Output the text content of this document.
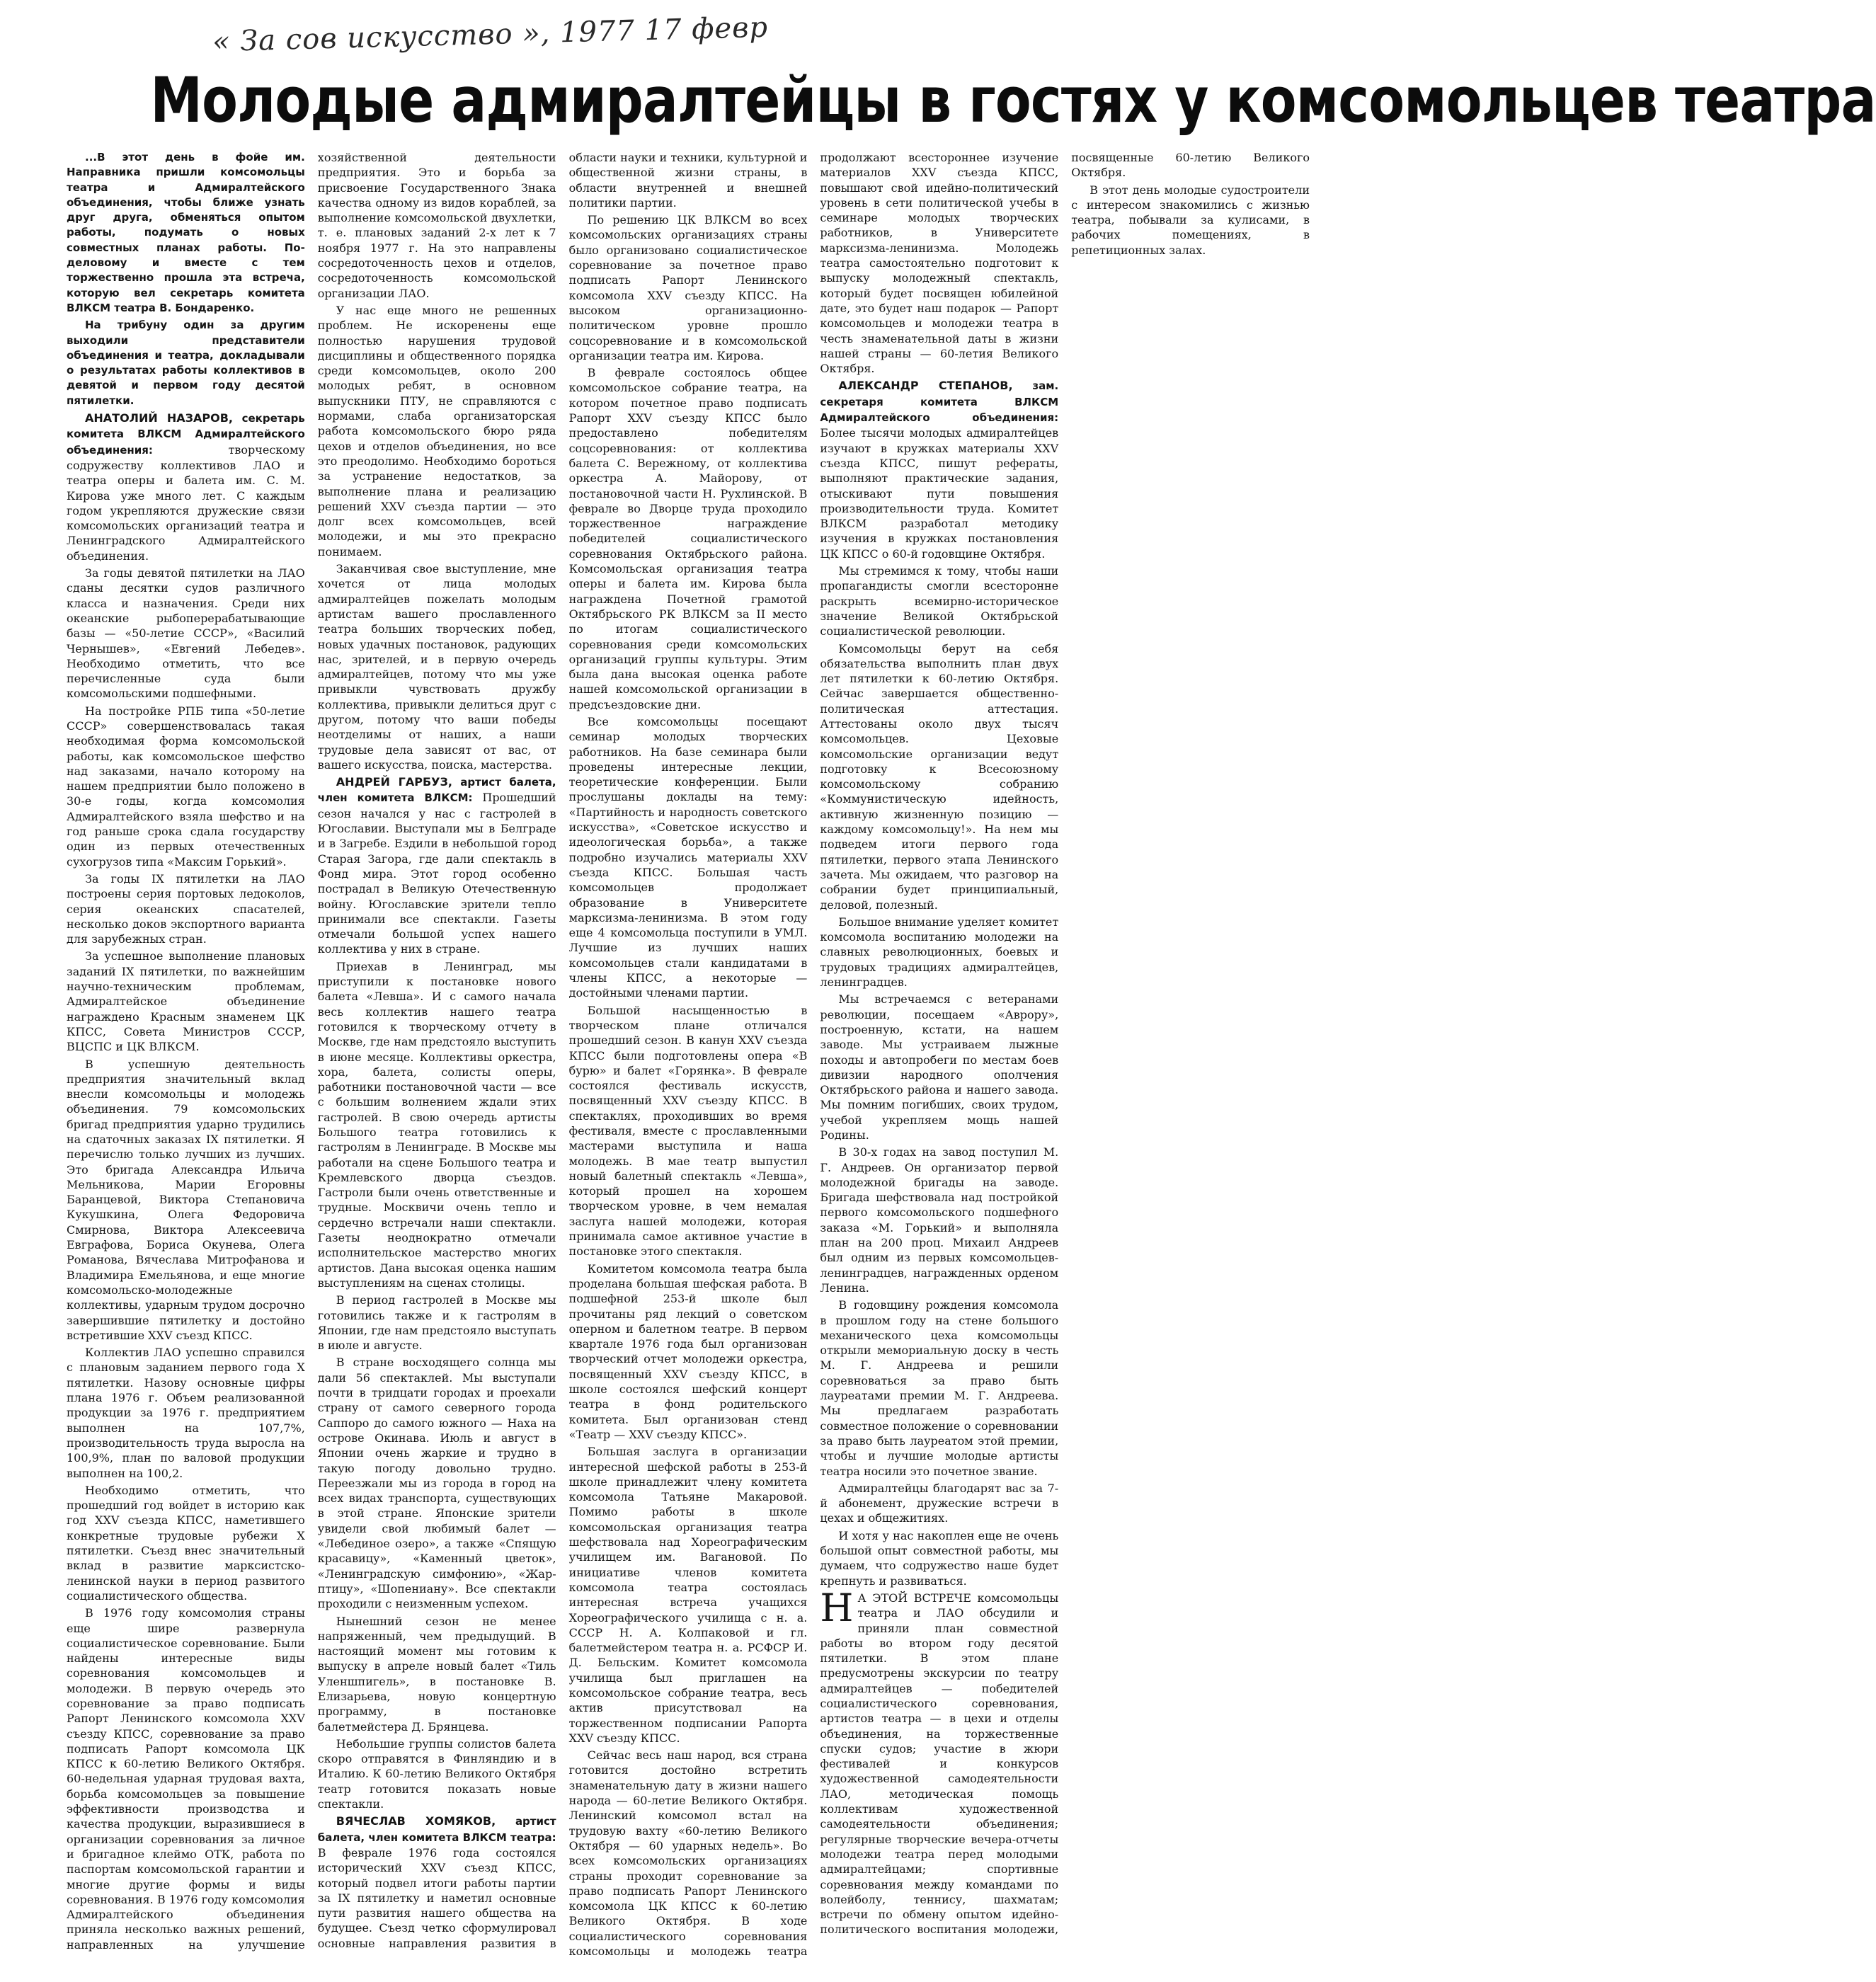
« За сов искусство », 1977 17 февр
Молодые адмиралтейцы в гостях у комсомольцев театра

...В этот день в фойе им. Направника пришли комсомольцы театра и Адмиралтейского объединения, чтобы ближе узнать друг друга, обменяться опытом работы, подумать о новых совместных планах работы. По-деловому и вместе с тем торжественно прошла эта встреча, которую вел секретарь комитета ВЛКСМ театра В. Бондаренко.

На трибуну один за другим выходили представители объединения и театра, докладывали о результатах работы коллективов в девятой и первом году десятой пятилетки.

АНАТОЛИЙ НАЗАРОВ, секретарь комитета ВЛКСМ Адмиралтейского объединения:	творческому содружеству коллективов ЛАО и театра оперы и балета им. С. М. Кирова уже много лет. С каждым годом укрепляются дружеские связи комсомольских организаций театра и Ленинградского Адмиралтейского объединения.

За годы девятой пятилетки на ЛАО сданы десятки судов различного класса и назначения. Среди них океанские рыбоперерабатывающие базы — «50-летие СССР», «Василий Чернышев», «Евгений Лебедев». Необходимо отметить, что все перечисленные суда были комсомольскими подшефными.

На постройке РПБ типа «50-летие СССР» совершенствовалась такая необходимая форма комсомольской работы, как комсомольское шефство над заказами, начало которому на нашем предприятии было положено в 30-е годы, когда комсомолия Адмиралтейского взяла шефство и на год раньше срока сдала государству один из первых отечественных сухогрузов типа «Максим Горький».

За годы IX пятилетки на ЛАО построены серия портовых ледоколов, серия океанских спасателей, несколько доков экспортного варианта для зарубежных стран.

За успешное выполнение плановых заданий IX пятилетки, по важнейшим научно-техническим проблемам, Адмиралтейское объединение награждено Красным знаменем ЦК КПСС, Совета Министров СССР, ВЦСПС и ЦК ВЛКСМ.

В успешную деятельность предприятия значительный вклад внесли комсомольцы и молодежь объединения. 79 комсомольских бригад предприятия ударно трудились на сдаточных заказах IX пятилетки. Я перечислю только лучших из лучших. Это бригада Александра Ильича Мельникова, Марии Егоровны Баранцевой, Виктора Степановича Кукушкина, Олега Федоровича Смирнова, Виктора Алексеевича Евграфова, Бориса Окунева, Олега Романова, Вячеслава Митрофанова и Владимира Емельянова, и еще многие комсомольско-молодежные коллективы, ударным трудом досрочно завершившие пятилетку и достойно встретившие XXV съезд КПСС.

Коллектив ЛАО успешно справился с плановым заданием первого года X пятилетки. Назову основные цифры плана 1976 г. Объем реализованной продукции за 1976 г. предприятием выполнен на 107,7%, производительность труда выросла на 100,9%, план по валовой продукции выполнен на 100,2.

Необходимо отметить, что прошедший год войдет в историю как год XXV съезда КПСС, наметившего конкретные трудовые рубежи X пятилетки. Съезд внес значительный вклад в развитие марксистско-ленинской науки в период развитого социалистического общества.

В 1976 году комсомолия страны еще шире развернула социалистическое соревнование. Были найдены интересные виды соревнования комсомольцев и молодежи. В первую очередь это соревнование за право подписать Рапорт Ленинского комсомола XXV съезду КПСС, соревнование за право подписать Рапорт комсомола ЦК КПСС к 60-летию Великого Октября. 60-недельная ударная трудовая вахта, борьба комсомольцев за повышение эффективности производства и качества продукции, выразившиеся в организации соревнования за личное и бригадное клеймо ОТК, работа по паспортам комсомольской гарантии и многие другие формы и виды соревнования. В 1976 году комсомолия Адмиралтейского объединения приняла несколько важных решений, направленных на улучшение хозяйственной деятельности предприятия. Это и борьба за присвоение Государственного Знака качества одному из видов кораблей, за выполнение комсомольской двухлетки, т. е. плановых заданий 2-х лет к 7 ноября 1977 г. На это направлены сосредоточенность цехов и отделов, сосредоточенность комсомольской организации ЛАО.

У нас еще много не решенных проблем. Не искоренены еще полностью нарушения трудовой дисциплины и общественного порядка среди комсомольцев, около 200 молодых ребят, в основном выпускники ПТУ, не справляются с нормами, слаба организаторская работа комсомольского бюро ряда цехов и отделов объединения, но все это преодолимо. Необходимо бороться за устранение недостатков, за выполнение плана и реализацию решений XXV съезда партии — это долг всех комсомольцев, всей молодежи, и мы это прекрасно понимаем.

Заканчивая свое выступление, мне хочется от лица молодых адмиралтейцев пожелать молодым артистам вашего прославленного театра больших творческих побед, новых удачных постановок, радующих нас, зрителей, и в первую очередь адмиралтейцев, потому что мы уже привыкли чувствовать дружбу коллектива, привыкли делиться друг с другом, потому что ваши победы неотделимы от наших, а наши трудовые дела зависят от вас, от вашего искусства, поиска, мастерства.

АНДРЕЙ ГАРБУЗ, артист балета, член комитета ВЛКСМ: Прошедший сезон начался у нас с гастролей в Югославии. Выступали мы в Белграде и в Загребе. Ездили в небольшой город Старая Загора, где дали спектакль в Фонд мира. Этот город особенно пострадал в Великую Отечественную войну. Югославские зрители тепло принимали все спектакли. Газеты отмечали большой успех нашего коллектива у них в стране.

Приехав в Ленинград, мы приступили к постановке нового балета «Левша». И с самого начала весь коллектив нашего театра готовился к творческому отчету в Москве, где нам предстояло выступить в июне месяце. Коллективы оркестра, хора, балета, солисты оперы, работники постановочной части — все с большим волнением ждали этих гастролей. В свою очередь артисты Большого театра готовились к гастролям в Ленинграде. В Москве мы работали на сцене Большого театра и Кремлевского дворца съездов. Гастроли были очень ответственные и трудные. Москвичи очень тепло и сердечно встречали наши спектакли. Газеты неоднократно отмечали исполнительское мастерство многих артистов. Дана высокая оценка нашим выступлениям на сценах столицы.

В период гастролей в Москве мы готовились также и к гастролям в Японии, где нам предстояло выступать в июле и августе.

В стране восходящего солнца мы дали 56 спектаклей. Мы выступали почти в тридцати городах и проехали страну от самого северного города Саппоро до самого южного — Наха на острове Окинава. Июль и август в Японии очень жаркие и трудно в такую погоду довольно трудно. Переезжали мы из города в город на всех видах транспорта, существующих в этой стране. Японские зрители увидели свой любимый балет — «Лебединое озеро», а также «Спящую красавицу», «Каменный цветок», «Ленинградскую симфонию», «Жар-птицу», «Шопениану». Все спектакли проходили с неизменным успехом.

Нынешний сезон не менее напряженный, чем предыдущий. В настоящий момент мы готовим к выпуску в апреле новый балет «Тиль Уленшпигель», в постановке В. Елизарьева, новую концертную программу, в постановке балетмейстера Д. Брянцева.

Небольшие группы солистов балета скоро отправятся в Финляндию и в Италию. К 60-летию Великого Октября театр готовится показать новые спектакли.

ВЯЧЕСЛАВ ХОМЯКОВ, артист балета, член комитета ВЛКСМ театра: В феврале 1976 года состоялся исторический XXV съезд КПСС, который подвел итоги работы партии за IX пятилетку и наметил основные пути развития нашего общества на будущее. Съезд четко сформулировал основные направления развития в области науки и техники, культурной и общественной жизни страны, в области внутренней и внешней политики партии.

По решению ЦК ВЛКСМ во всех комсомольских организациях страны было организовано социалистическое соревнование за почетное право подписать Рапорт Ленинского комсомола XXV съезду КПСС. На высоком организационно-политическом уровне прошло соцсоревнование и в комсомольской организации театра им. Кирова.

В феврале состоялось общее комсомольское собрание театра, на котором почетное право подписать Рапорт XXV съезду КПСС было предоставлено победителям соцсоревнования: от коллектива балета С. Вережному, от коллектива оркестра А. Майорову, от постановочной части Н. Рухлинской. В феврале во Дворце труда проходило торжественное награждение победителей социалистического соревнования Октябрьского района. Комсомольская организация театра оперы и балета им. Кирова была награждена Почетной грамотой Октябрьского РК ВЛКСМ за II место по итогам социалистического соревнования среди комсомольских организаций группы культуры. Этим была дана высокая оценка работе нашей комсомольской организации в предсъездовские дни.

Все комсомольцы посещают семинар молодых творческих работников. На базе семинара были проведены интересные лекции, теоретические конференции. Были прослушаны доклады на тему: «Партийность и народность советского искусства», «Советское искусство и идеологическая борьба», а также подробно изучались материалы XXV съезда КПСС. Большая часть комсомольцев продолжает образование в Университете марксизма-ленинизма. В этом году еще 4 комсомольца поступили в УМЛ. Лучшие из лучших наших комсомольцев стали кандидатами в члены КПСС, а некоторые — достойными членами партии.

Большой насыщенностью в творческом плане отличался прошедший сезон. В канун XXV съезда КПСС были подготовлены опера «В бурю» и балет «Горянка». В феврале состоялся фестиваль искусств, посвященный XXV съезду КПСС. В спектаклях, проходивших во время фестиваля, вместе с прославленными мастерами выступила и наша молодежь. В мае театр выпустил новый балетный спектакль «Левша», который прошел на хорошем творческом уровне, в чем немалая заслуга нашей молодежи, которая принимала самое активное участие в постановке этого спектакля.

Комитетом комсомола театра была проделана большая шефская работа. В подшефной 253-й школе был прочитаны ряд лекций о советском оперном и балетном театре. В первом квартале 1976 года был организован творческий отчет молодежи оркестра, посвященный XXV съезду КПСС, в школе состоялся шефский концерт театра в фонд родительского комитета. Был организован стенд «Театр — XXV съезду КПСС».

Большая заслуга в организации интересной шефской работы в 253-й школе принадлежит члену комитета комсомола Татьяне Макаровой. Помимо работы в школе комсомольская организация театра шефствовала над Хореографическим училищем им. Вагановой. По инициативе членов комитета комсомола театра состоялась интересная встреча учащихся Хореографического училища с н. а. СССР Н. А. Колпаковой и гл. балетмейстером театра н. а. РСФСР И. Д. Бельским. Комитет комсомола училища был приглашен на комсомольское собрание театра, весь актив присутствовал на торжественном подписании Рапорта XXV съезду КПСС.

Сейчас весь наш народ, вся страна готовится достойно встретить знаменательную дату в жизни нашего народа — 60-летие Великого Октября. Ленинский комсомол встал на трудовую вахту «60-летию Великого Октября — 60 ударных недель». Во всех комсомольских организациях страны проходит соревнование за право подписать Рапорт Ленинского комсомола ЦК КПСС к 60-летию Великого Октября. В ходе социалистического соревнования комсомольцы и молодежь театра продолжают всестороннее изучение материалов XXV съезда КПСС, повышают свой идейно-политический уровень в сети политической учебы в семинаре молодых творческих работников, в Университете марксизма-ленинизма. Молодежь театра самостоятельно подготовит к выпуску молодежный спектакль, который будет посвящен юбилейной дате, это будет наш подарок — Рапорт комсомольцев и молодежи театра в честь знаменательной даты в жизни нашей страны — 60-летия Великого Октября.

АЛЕКСАНДР СТЕПАНОВ, зам. секретаря комитета ВЛКСМ Адмиралтейского объединения: Более тысячи молодых адмиралтейцев изучают в кружках материалы XXV съезда КПСС, пишут рефераты, выполняют практические задания, отыскивают пути повышения производительности труда. Комитет ВЛКСМ разработал методику изучения в кружках постановления ЦК КПСС о 60-й годовщине Октября.

Мы стремимся к тому, чтобы наши пропагандисты смогли всесторонне раскрыть всемирно-историческое значение Великой Октябрьской социалистической революции.

Комсомольцы берут на себя обязательства выполнить план двух лет пятилетки к 60-летию Октября. Сейчас завершается общественно-политическая аттестация. Аттестованы около двух тысяч комсомольцев. Цеховые комсомольские организации ведут подготовку к Всесоюзному комсомольскому собранию «Коммунистическую идейность, активную жизненную позицию — каждому комсомольцу!». На нем мы подведем итоги первого года пятилетки, первого этапа Ленинского зачета. Мы ожидаем, что разговор на собрании будет принципиальный, деловой, полезный.

Большое внимание уделяет комитет комсомола воспитанию молодежи на славных революционных, боевых и трудовых традициях адмиралтейцев, ленинградцев.

Мы встречаемся с ветеранами революции, посещаем «Аврору», построенную, кстати, на нашем заводе. Мы устраиваем лыжные походы и автопробеги по местам боев дивизии народного ополчения Октябрьского района и нашего завода. Мы помним погибших, своих трудом, учебой укрепляем мощь нашей Родины.

В 30-х годах на завод поступил М. Г. Андреев. Он организатор первой молодежной бригады на заводе. Бригада шефствовала над постройкой первого комсомольского подшефного заказа «М. Горький» и выполняла план на 200 проц. Михаил Андреев был одним из первых комсомольцев-ленинградцев, награжденных орденом Ленина.

В годовщину рождения комсомола в прошлом году на стене большого механического цеха комсомольцы открыли мемориальную доску в честь М. Г. Андреева и решили соревноваться за право быть лауреатами премии М. Г. Андреева. Мы предлагаем разработать совместное положение о соревновании за право быть лауреатом этой премии, чтобы и лучшие молодые артисты театра носили это почетное звание.

Адмиралтейцы благодарят вас за 7-й абонемент, дружеские встречи в цехах и общежитиях.

И хотя у нас накоплен еще не очень большой опыт совместной работы, мы думаем, что содружество наше будет крепнуть и развиваться.

Н А ЭТОЙ ВСТРЕЧЕ комсомольцы театра и ЛАО обсудили и приняли план совместной работы во втором году десятой пятилетки. В этом плане предусмотрены экскурсии по театру адмиралтейцев — победителей социалистического соревнования, артистов театра — в цехи и отделы объединения, на торжественные спуски судов; участие в жюри фестивалей и конкурсов художественной самодеятельности ЛАО, методическая помощь коллективам художественной самодеятельности объединения; регулярные творческие вечера-отчеты молодежи театра перед молодыми адмиралтейцами; спортивные соревнования между командами по волейболу, теннису, шахматам; встречи по обмену опытом идейно-политического воспитания молодежи, посвященные 60-летию Великого Октября.

В этот день молодые судостроители с интересом знакомились с жизнью театра, побывали за кулисами, в рабочих помещениях, в репетиционных залах.
